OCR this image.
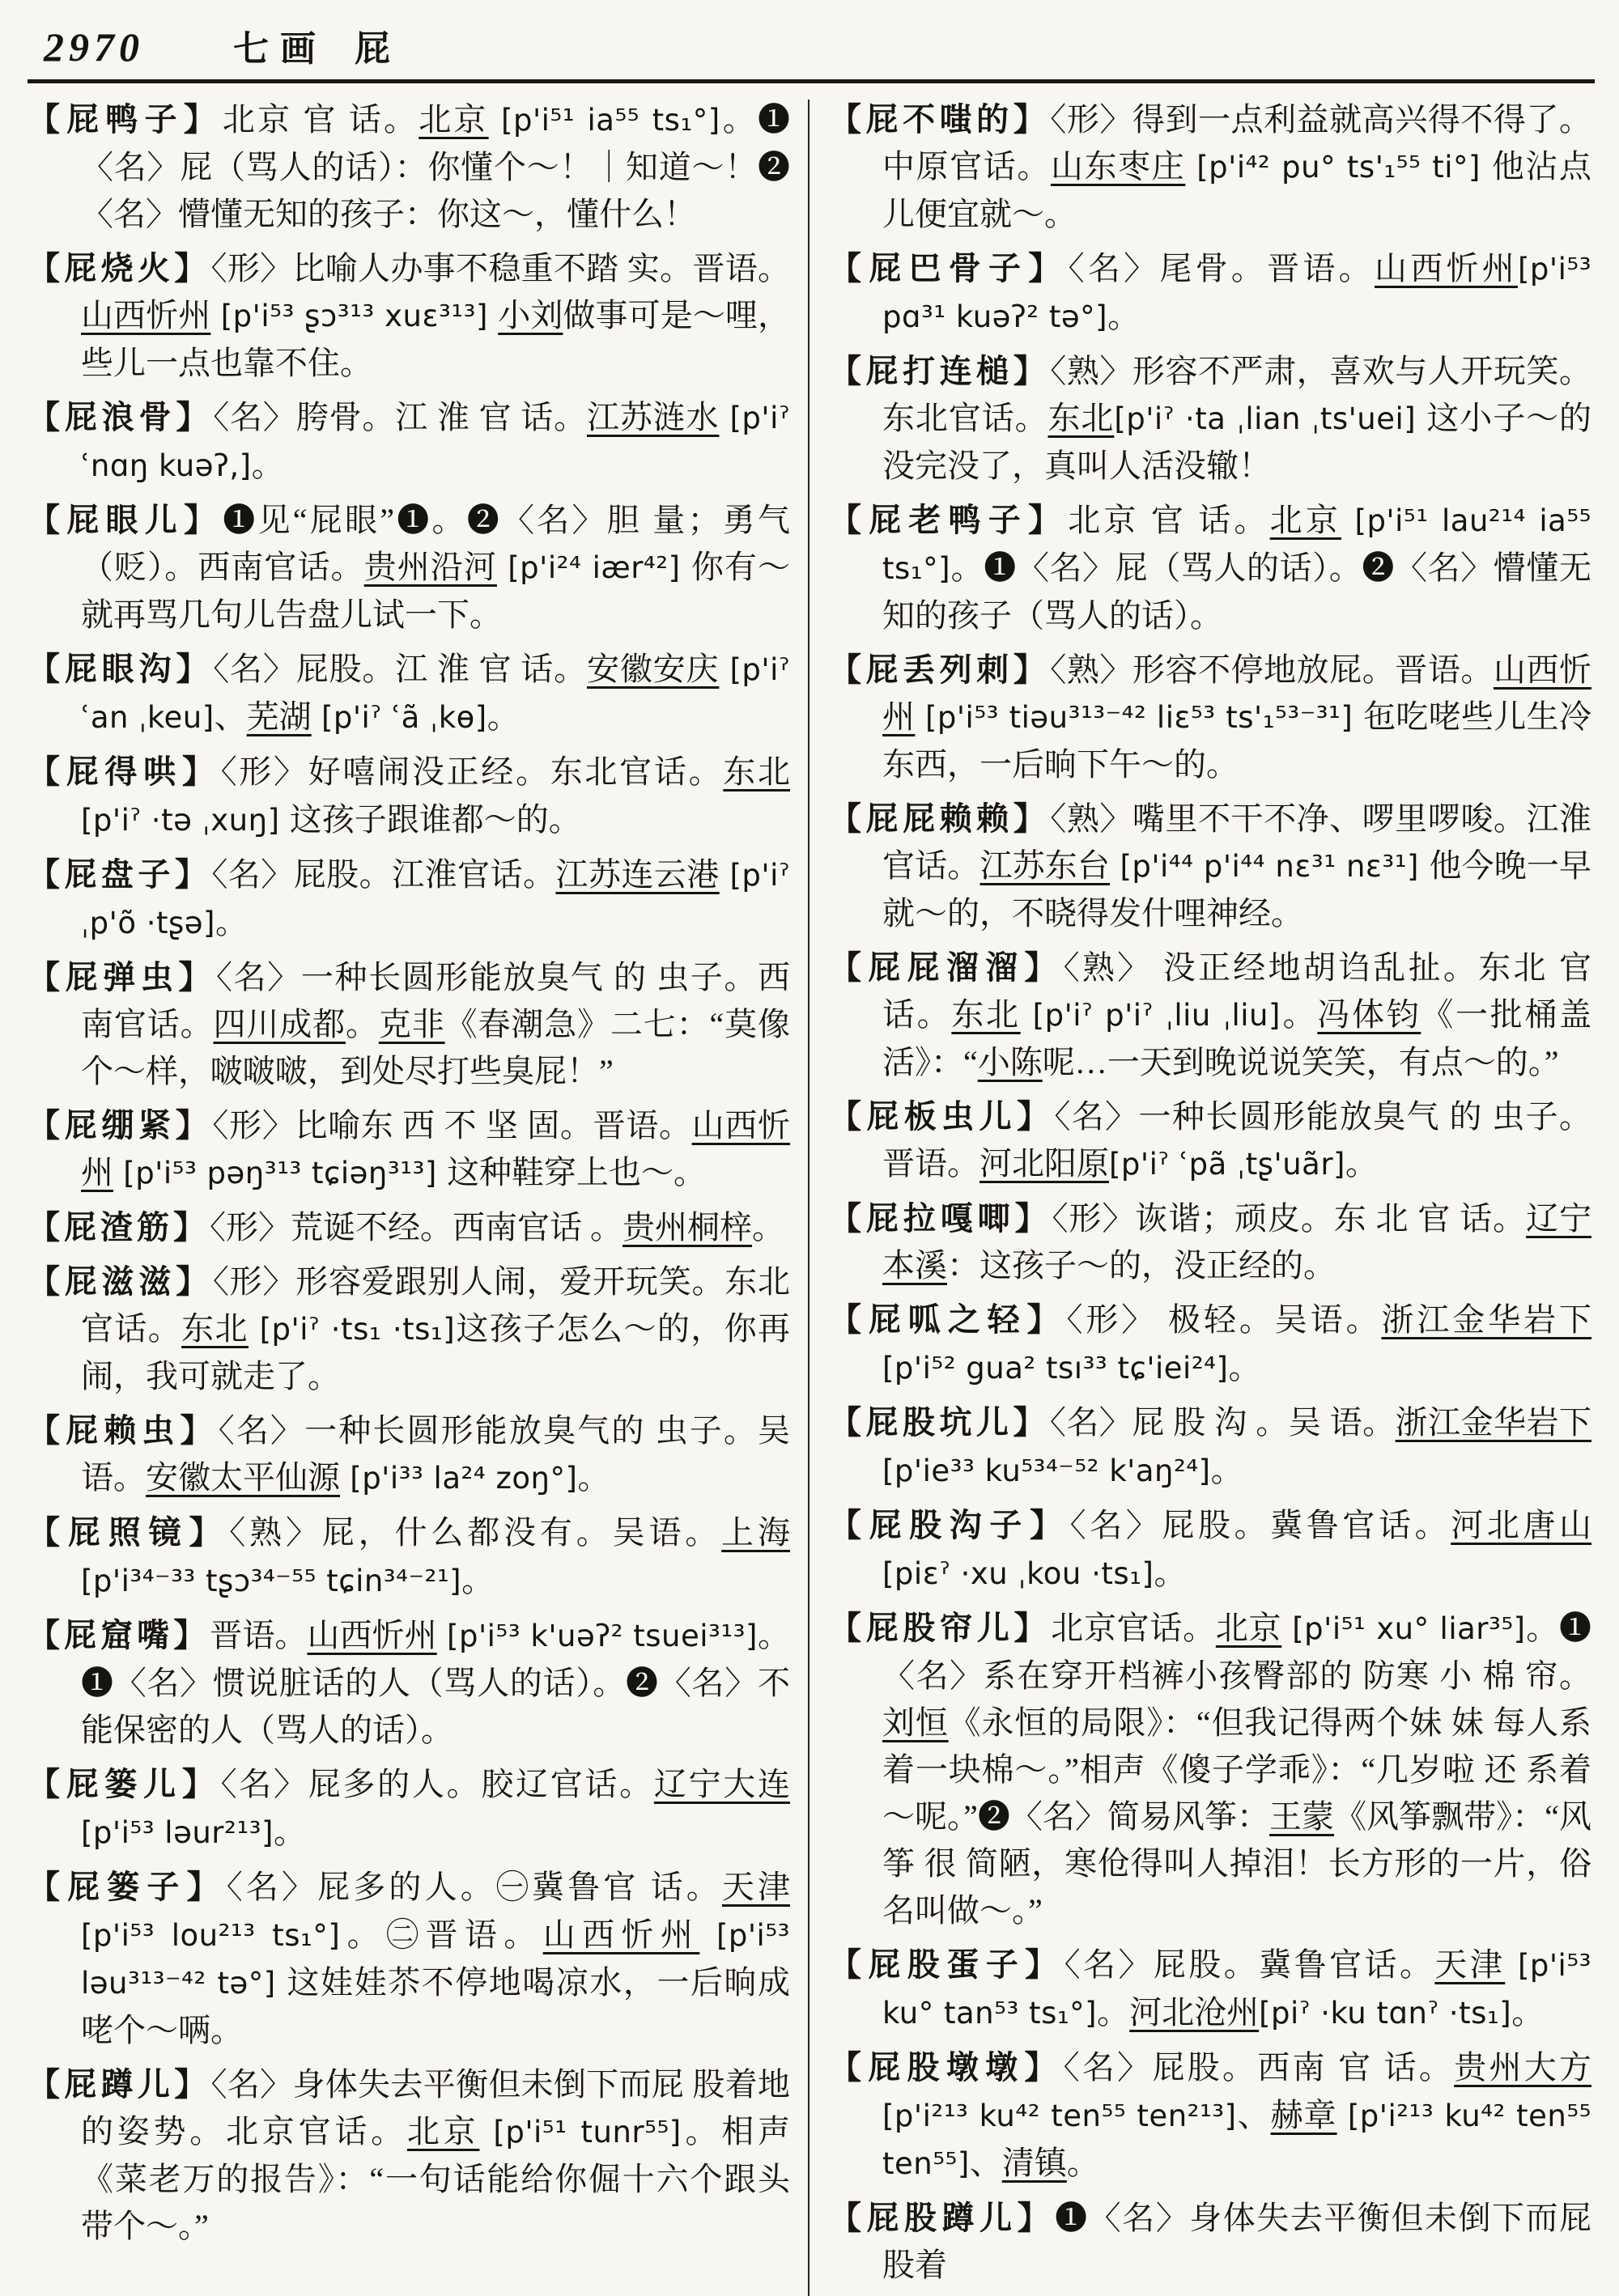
2970	七画 屁
【屁鸭子】北京 官 话。北京 [p'i⁵¹ ia⁵⁵ ts₁°]。❶〈名〉屁（骂人的话）：你懂个～！｜知道～！❷〈名〉懵懂无知的孩子：你这～，懂什么！
【屁烧火】〈形〉比喻人办事不稳重不踏 实。晋语。山西忻州 [p'i⁵³ ʂɔ³¹³ xuɛ³¹³] 小刘做事可是～哩，些儿一点也靠不住。
【屁浪骨】〈名〉胯骨。江 淮 官 话。江苏涟水 [p'iˀ ʿnɑŋ kuəʔ,]。
【屁眼儿】❶见“屁眼”❶。❷〈名〉胆 量；勇气（贬）。西南官话。贵州沿河 [p'i²⁴ iær⁴²] 你有～就再骂几句儿告盘儿试一下。
【屁眼沟】〈名〉屁股。江 淮 官 话。安徽安庆 [p'iˀ ʿan ˌkeu]、芜湖 [p'iˀ ʿã ˌkɵ]。
【屁得哄】〈形〉好嘻闹没正经。东北官话。东北 [p'iˀ ·tə ˌxuŋ] 这孩子跟谁都～的。
【屁盘子】〈名〉屁股。江淮官话。江苏连云港 [p'iˀ ˌp'õ ·tʂə]。
【屁弹虫】〈名〉一种长圆形能放臭气 的 虫子。西南官话。四川成都。克非《春潮急》二七：“莫像个～样，啵啵啵，到处尽打些臭屁！”
【屁绷紧】〈形〉比喻东 西 不 坚 固。晋语。山西忻州 [p'i⁵³ pəŋ³¹³ tɕiəŋ³¹³] 这种鞋穿上也～。
【屁渣筋】〈形〉荒诞不经。西南官话 。贵州桐梓。
【屁滋滋】〈形〉形容爱跟别人闹，爱开玩笑。东北官话。东北 [p'iˀ ·ts₁ ·ts₁]这孩子怎么～的，你再闹，我可就走了。
【屁赖虫】〈名〉一种长圆形能放臭气的 虫子。吴语。安徽太平仙源 [p'i³³ la²⁴ zoŋ°]。
【屁照镜】〈熟〉屁，什么都没有。吴语。上海 [p'i³⁴⁻³³ tʂɔ³⁴⁻⁵⁵ tɕin³⁴⁻²¹]。
【屁窟嘴】晋语。山西忻州 [p'i⁵³ k'uəʔ² tsuei³¹³]。❶〈名〉惯说脏话的人（骂人的话）。❷〈名〉不能保密的人（骂人的话）。
【屁篓儿】〈名〉屁多的人。胶辽官话。辽宁大连 [p'i⁵³ ləur²¹³]。
【屁篓子】〈名〉屁多的人。㊀冀鲁官 话。天津 [p'i⁵³ lou²¹³ ts₁°]。㊁晋语。山西忻州 [p'i⁵³ ləu³¹³⁻⁴² tə°] 这娃娃苶不停地喝凉水，一后晌成咾个～唡。
【屁蹲儿】〈名〉身体失去平衡但未倒下而屁 股着地的姿势。北京官话。北京 [p'i⁵¹ tunr⁵⁵]。相声《菜老万的报告》：“一句话能给你倔十六个跟头带个～。”
【屁不嗤的】〈形〉得到一点利益就高兴得不得了。中原官话。山东枣庄 [p'i⁴² pu° ts'₁⁵⁵ ti°] 他沾点儿便宜就～。
【屁巴骨子】〈名〉尾骨。晋语。山西忻州[p'i⁵³ pɑ³¹ kuəʔ² tə°]。
【屁打连槌】〈熟〉形容不严肃，喜欢与人开玩笑。东北官话。东北[p'iˀ ·ta ˌlian ˌts'uei] 这小子～的没完没了，真叫人活没辙！
【屁老鸭子】北京 官 话。北京 [p'i⁵¹ lau²¹⁴ ia⁵⁵ ts₁°]。❶〈名〉屁（骂人的话）。❷〈名〉懵懂无知的孩子（骂人的话）。
【屁丢列刺】〈熟〉形容不停地放屁。晋语。山西忻州 [p'i⁵³ tiəu³¹³⁻⁴² liɛ⁵³ ts'₁⁵³⁻³¹] 㐌吃咾些儿生冷东西，一后晌下午～的。
【屁屁赖赖】〈熟〉嘴里不干不净、啰里啰唆。江淮官话。江苏东台 [p'i⁴⁴ p'i⁴⁴ nɛ³¹ nɛ³¹] 他今晚一早就～的，不晓得发什哩神经。
【屁屁溜溜】〈熟〉 没正经地胡诌乱扯。东北 官 话。东北 [p'iˀ p'iˀ ˌliu ˌliu]。冯体钧《一批桶盖活》：“小陈呢…一天到晚说说笑笑，有点～的。”
【屁板虫儿】〈名〉一种长圆形能放臭气 的 虫子。晋语。河北阳原[p'iˀ ʿpã ˌtʂ'uãr]。
【屁拉嘎唧】〈形〉诙谐；顽皮。东 北 官 话。辽宁本溪：这孩子～的，没正经的。
【屁呱之轻】〈形〉 极轻。吴语。浙江金华岩下 [p'i⁵² gua² tsı³³ tɕ'iei²⁴]。
【屁股坑儿】〈名〉屁 股 沟 。吴 语。浙江金华岩下 [p'ie³³ ku⁵³⁴⁻⁵² k'aŋ²⁴]。
【屁股沟子】〈名〉屁股。冀鲁官话。河北唐山 [piɛˀ ·xu ˌkou ·ts₁]。
【屁股帘儿】北京官话。北京 [p'i⁵¹ xu° liar³⁵]。❶〈名〉系在穿开档裤小孩臀部的 防寒 小 棉 帘。刘恒《永恒的局限》：“但我记得两个妹 妹 每人系着一块棉～。”相声《傻子学乖》：“几岁啦 还 系着～呢。”❷〈名〉简易风筝：王蒙《风筝飘带》：“风筝 很 简陋，寒伧得叫人掉泪！长方形的一片，俗名叫做～。”
【屁股蛋子】〈名〉屁股。冀鲁官话。天津 [p'i⁵³ ku° tan⁵³ ts₁°]。河北沧州[piˀ ·ku tɑnˀ ·ts₁]。
【屁股墩墩】〈名〉屁股。西南 官 话。贵州大方 [p'i²¹³ ku⁴² ten⁵⁵ ten²¹³]、赫章 [p'i²¹³ ku⁴² ten⁵⁵ ten⁵⁵]、清镇。
【屁股蹲儿】❶〈名〉身体失去平衡但未倒下而屁股着
